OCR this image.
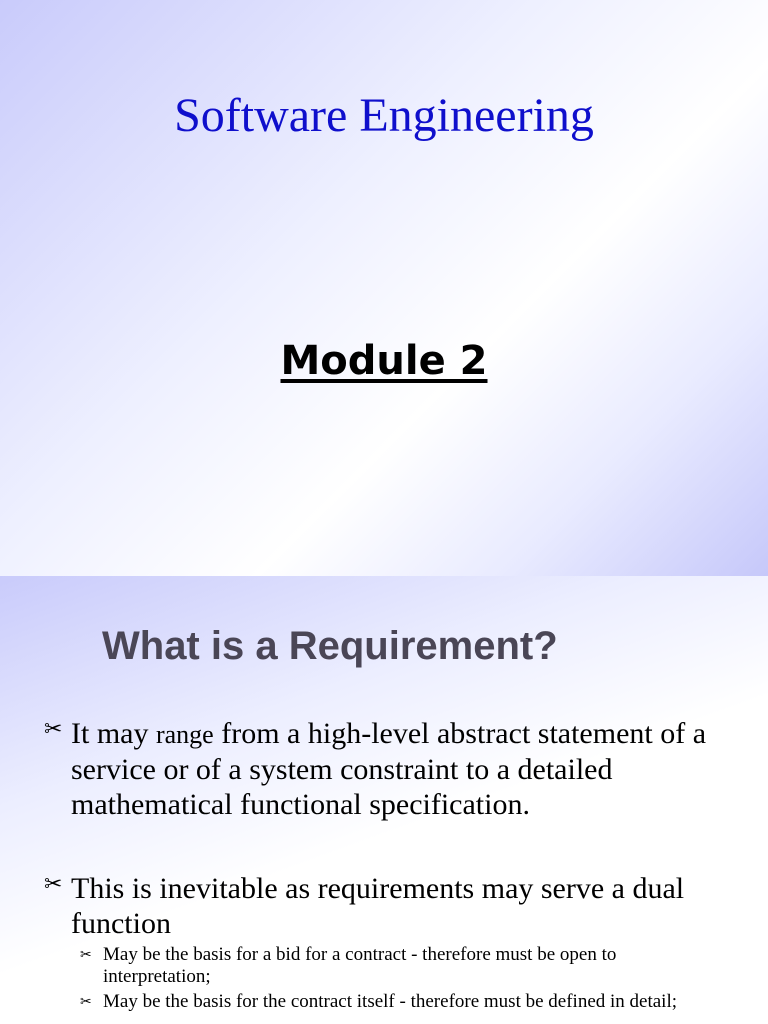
Software Engineering
Module 2
What is a Requirement?
✂ It may range from a high-level abstract statement of a service or of a system constraint to a detailed mathematical functional specification.
✂ This is inevitable as requirements may serve a dual function
✂ May be the basis for a bid for a contract - therefore must be open to interpretation;
✂ May be the basis for the contract itself - therefore must be defined in detail;
